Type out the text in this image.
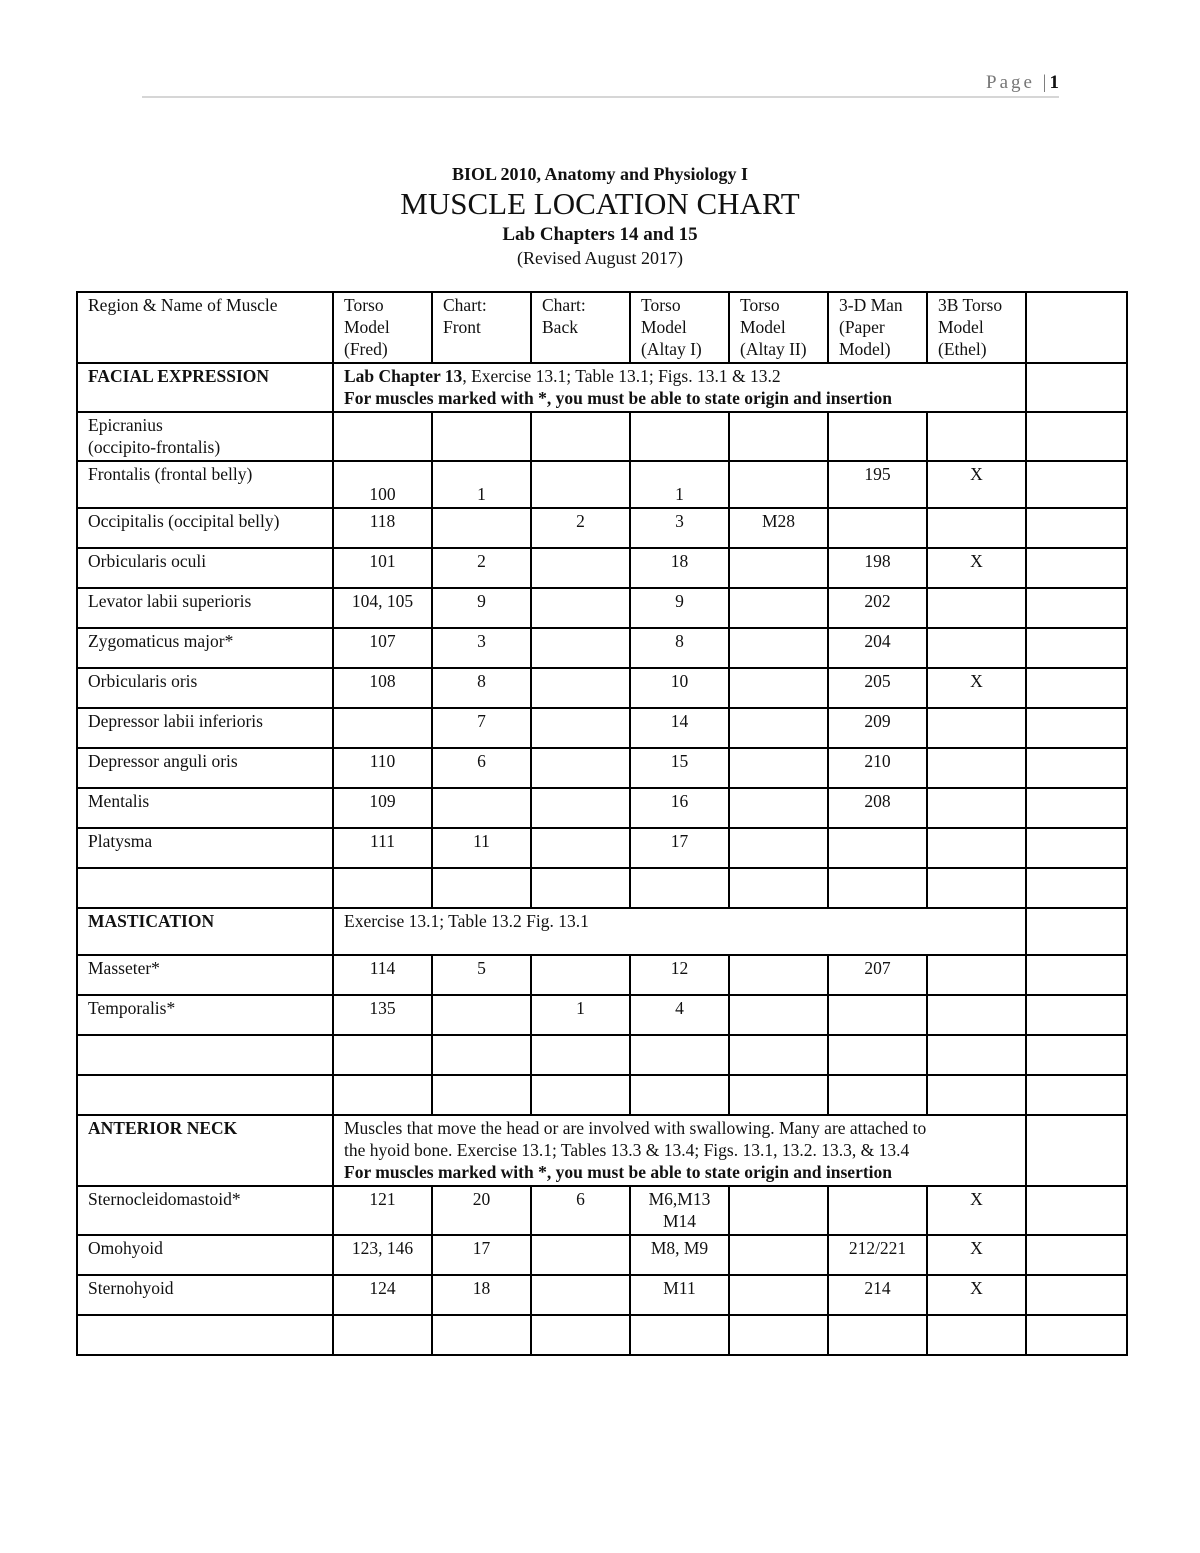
Page |1
BIOL 2010, Anatomy and Physiology I
MUSCLE LOCATION CHART
Lab Chapters 14 and 15
(Revised August 2017)
Region & Name of Muscle	Torso
Model
(Fred)	Chart:
Front	Chart:
Back	Torso
Model
(Altay I)	Torso
Model
(Altay II)	3-D Man
(Paper
Model)	3B Torso
Model
(Ethel)	
FACIAL EXPRESSION	Lab Chapter 13, Exercise 13.1; Table 13.1; Figs. 13.1 & 13.2
For muscles marked with *, you must be able to state origin and insertion							
Epicranius
(occipito-frontalis)								
Frontalis (frontal belly)	100	1		1		195	X	
Occipitalis (occipital belly)	118		2	3	M28			
Orbicularis oculi	101	2		18		198	X	
Levator labii superioris	104, 105	9		9		202		
Zygomaticus major*	107	3		8		204		
Orbicularis oris	108	8		10		205	X	
Depressor labii inferioris		7		14		209		
Depressor anguli oris	110	6		15		210		
Mentalis	109			16		208		
Platysma	111	11		17				

MASTICATION	Exercise 13.1; Table 13.2 Fig. 13.1							
Masseter*	114	5		12		207		
Temporalis*	135		1	4				

ANTERIOR NECK	Muscles that move the head or are involved with swallowing. Many are attached to
the hyoid bone. Exercise 13.1; Tables 13.3 & 13.4; Figs. 13.1, 13.2. 13.3, & 13.4
For muscles marked with *, you must be able to state origin and insertion							
Sternocleidomastoid*	121	20	6	M6,M13
M14			X	
Omohyoid	123, 146	17		M8, M9		212/221	X	
Sternohyoid	124	18		M11		214	X	
